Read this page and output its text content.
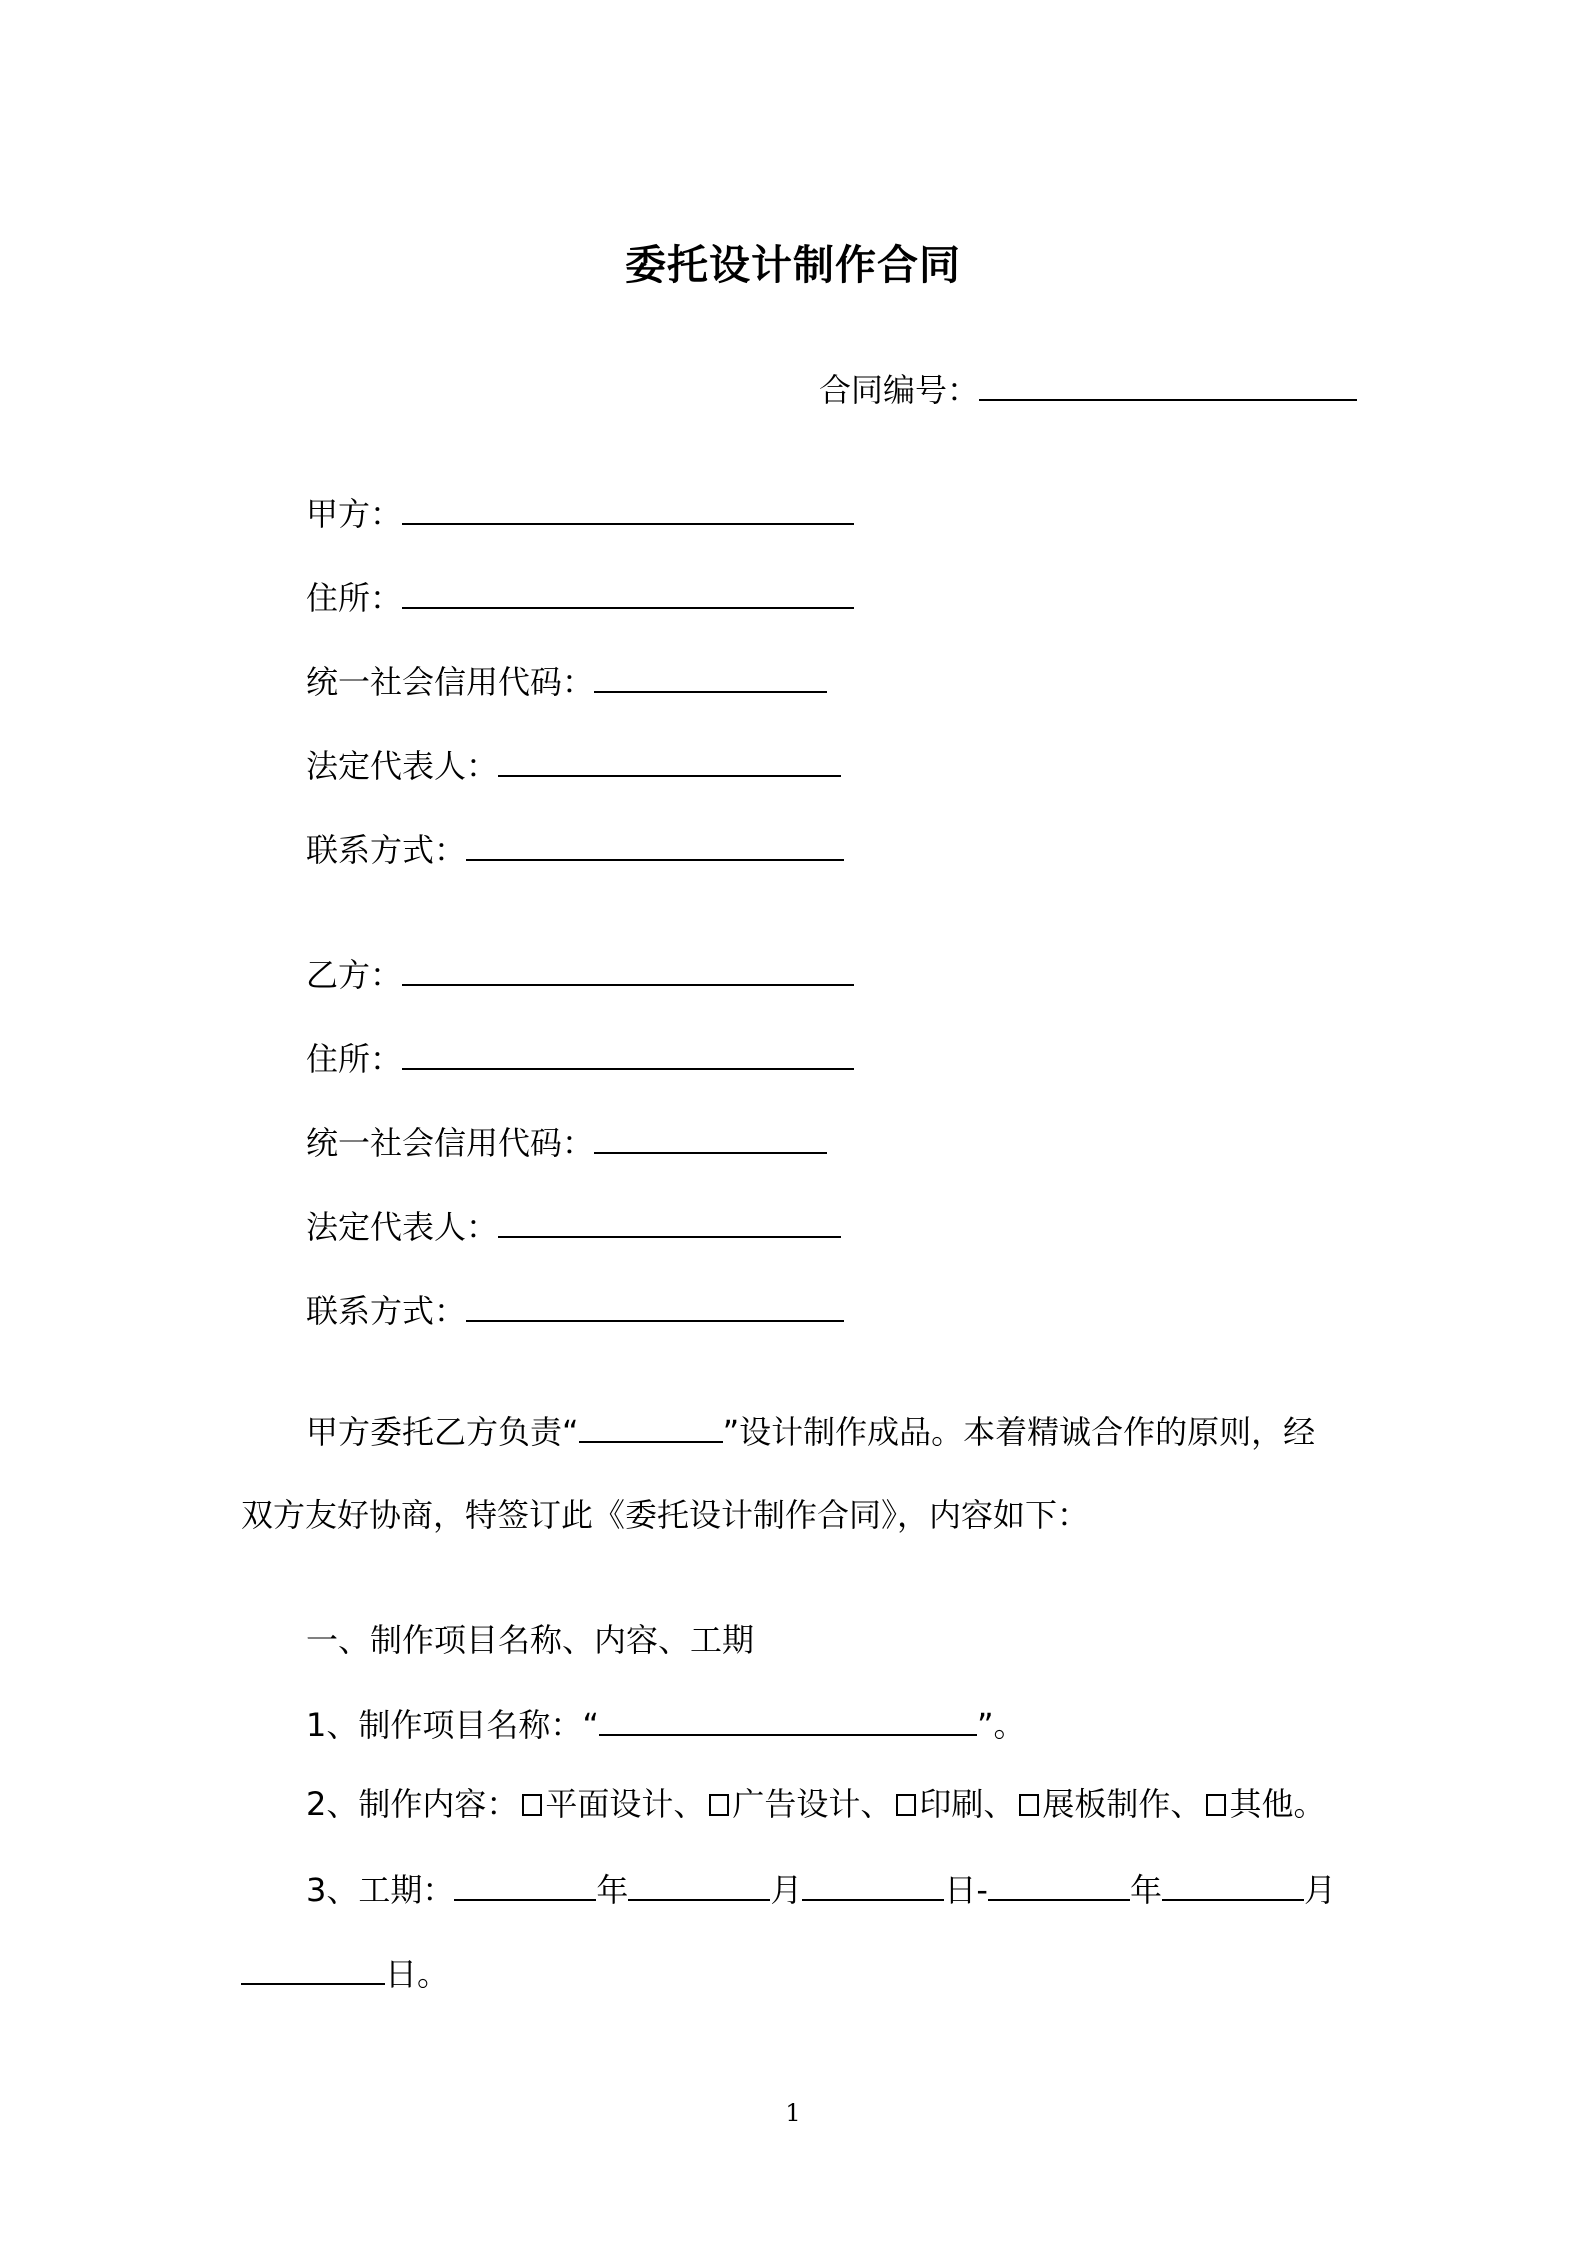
委托设计制作合同
合同编号：
甲方：
住所：
统一社会信用代码：
法定代表人：
联系方式：
乙方：
住所：
统一社会信用代码：
法定代表人：
联系方式：
甲方委托乙方负责“	”设计制作成品。本着精诚合作的原则，经
双方友好协商，特签订此《委托设计制作合同》，内容如下：
一、制作项目名称、内容、工期
1、制作项目名称：“	”。
2、制作内容： 平面设计、 广告设计、 印刷、 展板制作、 其他。
3、工期：	年	月	日-	年	月
日。
1
